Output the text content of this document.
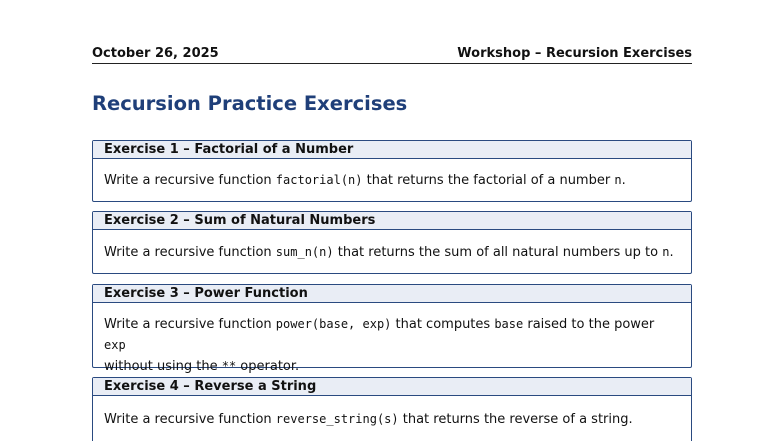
October 26, 2025	Workshop – Recursion Exercises
Recursion Practice Exercises
Exercise 1 – Factorial of a Number
Write a recursive function factorial(n) that returns the factorial of a number n.
Exercise 2 – Sum of Natural Numbers
Write a recursive function sum_n(n) that returns the sum of all natural numbers up to n.
Exercise 3 – Power Function
Write a recursive function power(base, exp) that computes base raised to the power exp
without using the ** operator.
Exercise 4 – Reverse a String
Write a recursive function reverse_string(s) that returns the reverse of a string.
